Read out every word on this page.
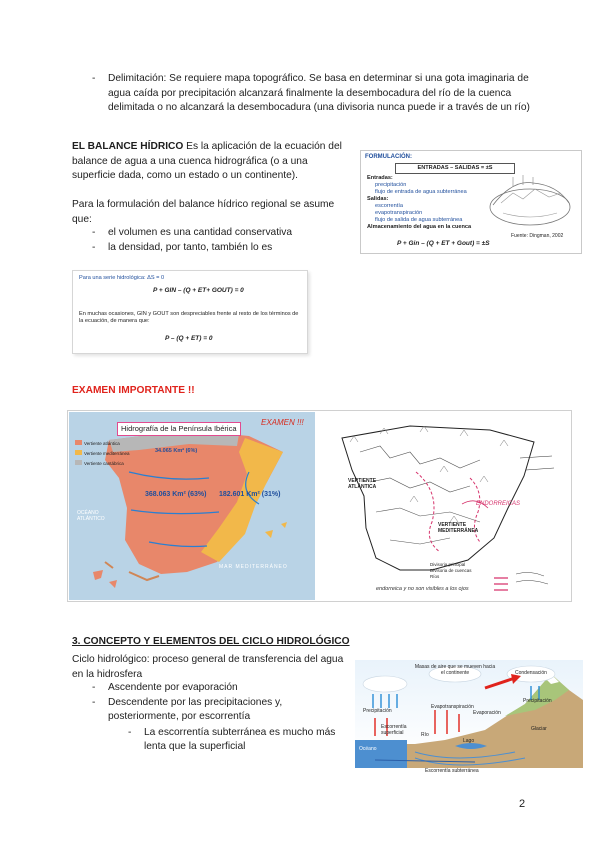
- Delimitación: Se requiere mapa topográfico. Se basa en determinar si una gota imaginaria de agua caída por precipitación alcanzará finalmente la desembocadura del río de la cuenca delimitada o no alcanzará la desembocadura (una divisoria nunca puede ir a través de un río)
EL BALANCE HÍDRICO Es la aplicación de la ecuación del balance de agua a una cuenca hidrográfica (o a una superficie dada, como un estado o un continente).
Para la formulación del balance hídrico regional se asume que:
- el volumen es una cantidad conservativa
- la densidad, por tanto, también lo es
FORMULACIÓN:
ENTRADAS – SALIDAS = ±S
Entradas:
precipitación
flujo de entrada de agua subterránea
Salidas:
escorrentía
evapotranspiración
flujo de salida de agua subterránea
Almacenamiento del agua en la cuenca
Fuente: Dingman, 2002
P + Gin – (Q + ET + Gout) = ±S
Para una serie hidrológica: ΔS = 0
P + GIN – (Q + ET+ GOUT) = 0
En muchas ocasiones, GIN y GOUT son despreciables frente al resto de los términos de la ecuación, de manera que:
P – (Q + ET) = 0
EXAMEN IMPORTANTE !!
Hidrografía de la Península Ibérica
EXAMEN !!!
Vertiente atlántica
Vertiente mediterránea
Vertiente cantábrica
34.065 Km² (6%)
368.063 Km² (63%) 182.601 Km² (31%)
MAR MEDITERRÁNEO
OCÉANO ATLÁNTICO
VERTIENTE ATLÁNTICA
VERTIENTE MEDITERRÁNEA
ENDORREICAS
Divisoria principal
Divisoria de cuencas
Ríos
endorreica y no son visibles a los ojos
3. CONCEPTO Y ELEMENTOS DEL CICLO HIDROLÓGICO
Ciclo hidrológico: proceso general de transferencia del agua en la hidrosfera
- Ascendente por evaporación
- Descendente por las precipitaciones y, posteriormente, por escorrentía
- La escorrentía subterránea es mucho más lenta que la superficial
Masas de aire que se mueven hacia el continente	Condensación
Precipitación
Evapotranspiración
Evaporación
Precipitación
Escorrentía superficial	Río
Glaciar
Océano
Lago
Escorrentía subterránea
2
